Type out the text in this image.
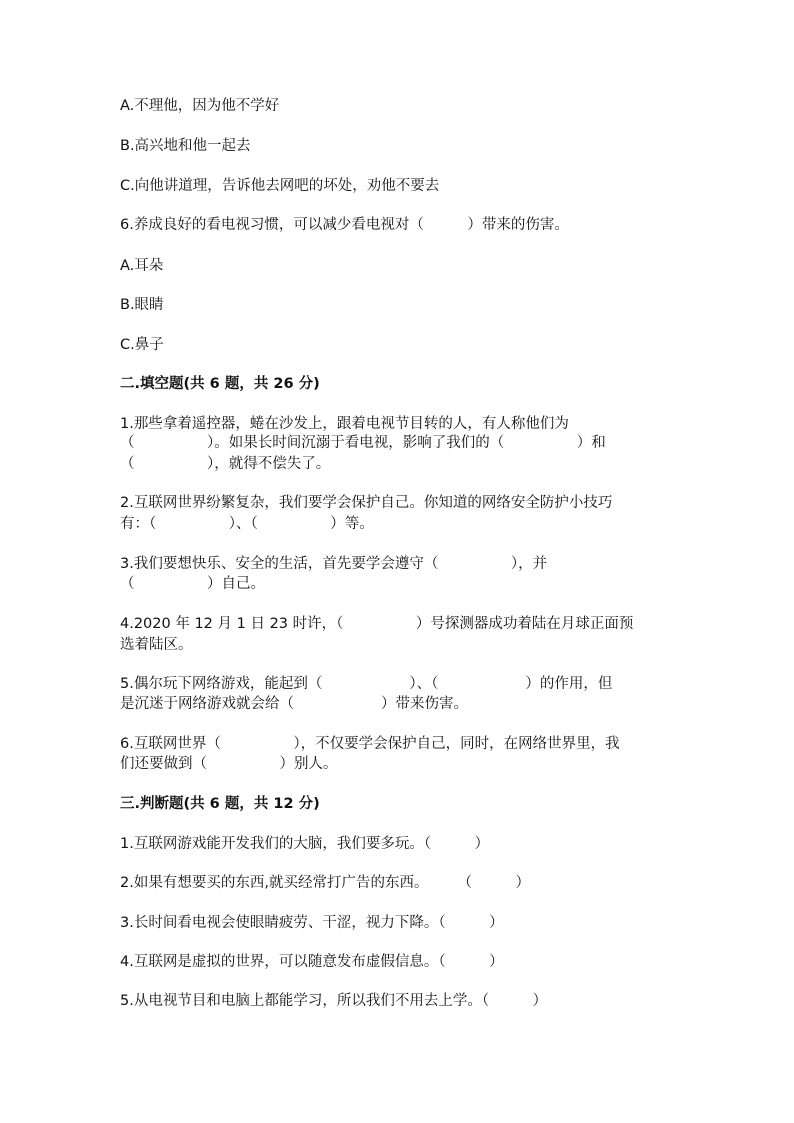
A.不理他，因为他不学好

B.高兴地和他一起去

C.向他讲道理，告诉他去网吧的坏处，劝他不要去

6.养成良好的看电视习惯，可以减少看电视对（　　　）带来的伤害。

A.耳朵

B.眼睛

C.鼻子

二.填空题(共 6 题，共 26 分)

1.那些拿着遥控器，蜷在沙发上，跟着电视节目转的人，有人称他们为

（　　　　　）。如果长时间沉溺于看电视，影响了我们的（　　　　　）和

（　　　　　），就得不偿失了。

2.互联网世界纷繁复杂，我们要学会保护自己。你知道的网络安全防护小技巧

有：（　　　　　）、（　　　　　）等。

3.我们要想快乐、安全的生活，首先要学会遵守（　　　　　），并

（　　　　　）自己。

4.2020 年 12 月 1 日 23 时许，（　　　　　）号探测器成功着陆在月球正面预

选着陆区。

5.偶尔玩下网络游戏，能起到（　　　　　　）、（　　　　　　）的作用，但

是沉迷于网络游戏就会给（　　　　　　）带来伤害。

6.互联网世界（　　　　　），不仅要学会保护自己，同时，在网络世界里，我

们还要做到（　　　　　）别人。

三.判断题(共 6 题，共 12 分)

1.互联网游戏能开发我们的大脑，我们要多玩。（　　　）

2.如果有想要买的东西,就买经常打广告的东西。　　　（　　　）

3.长时间看电视会使眼睛疲劳、干涩，视力下降。（　　　）

4.互联网是虚拟的世界，可以随意发布虚假信息。（　　　）

5.从电视节目和电脑上都能学习，所以我们不用去上学。（　　　）
